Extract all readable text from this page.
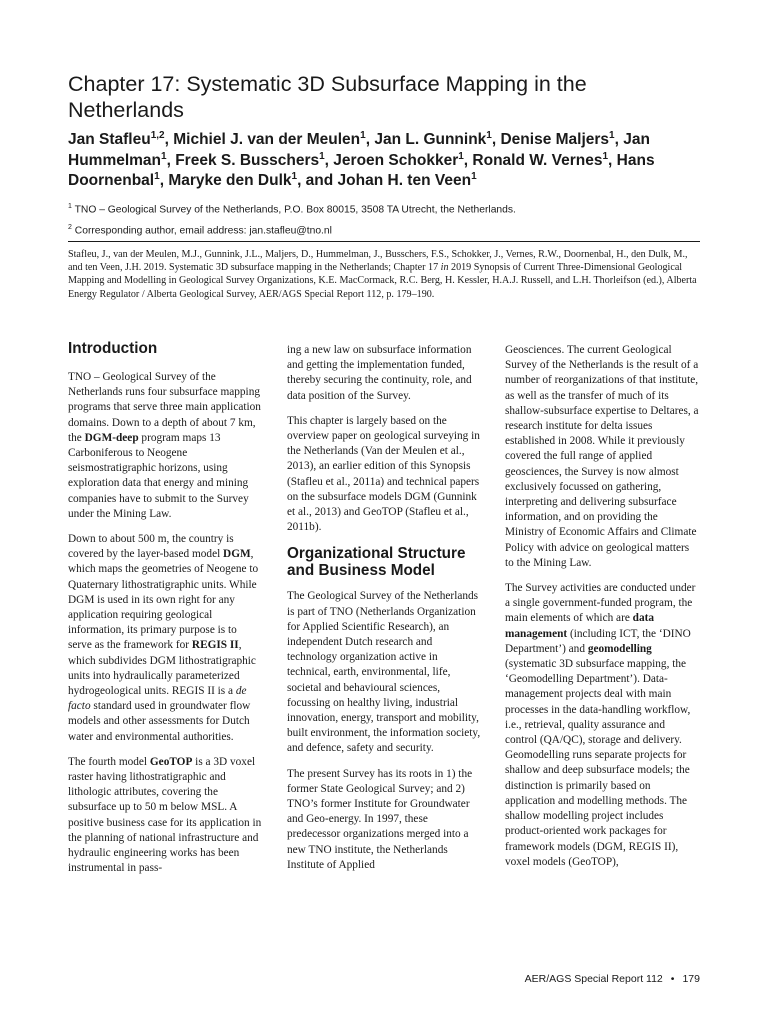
Chapter 17: Systematic 3D Subsurface Mapping in the Netherlands

Jan Stafleu$^{1,2}$, Michiel J. van der Meulen$^1$, Jan L. Gunnink$^1$, Denise Maljers$^1$, Jan Hummelman$^1$, Freek S. Busschers$^1$, Jeroen Schokker$^1$, Ronald W. Vernes$^1$, Hans Doornenbal$^1$, Maryke den Dulk$^1$, and Johan H. ten Veen$^1$

$^1$ TNO – Geological Survey of the Netherlands, P.O. Box 80015, 3508 TA Utrecht, the Netherlands.
$^2$ Corresponding author, email address: jan.stafleu@tno.nl

Stafleu, J., van der Meulen, M.J., Gunnink, J.L., Maljers, D., Hummelman, J., Busschers, F.S., Schokker, J., Vernes, R.W., Doornenbal, H., den Dulk, M., and ten Veen, J.H. 2019. Systematic 3D subsurface mapping in the Netherlands; Chapter 17 in 2019 Synopsis of Current Three-Dimensional Geological Mapping and Modelling in Geological Survey Organizations, K.E. MacCormack, R.C. Berg, H. Kessler, H.A.J. Russell, and L.H. Thorleifson (ed.), Alberta Energy Regulator / Alberta Geological Survey, AER/AGS Special Report 112, p. 179–190.

Introduction

TNO – Geological Survey of the Netherlands runs four subsurface mapping programs that serve three main application domains. Down to a depth of about 7 km, the DGM-deep program maps 13 Carboniferous to Neogene seismostratigraphic horizons, using exploration data that energy and mining companies have to submit to the Survey under the Mining Law.

Down to about 500 m, the country is covered by the layer-based model DGM, which maps the geometries of Neogene to Quaternary lithostratigraphic units. While DGM is used in its own right for any application requiring geological information, its primary purpose is to serve as the framework for REGIS II, which subdivides DGM lithostratigraphic units into hydraulically parameterized hydrogeological units. REGIS II is a de facto standard used in groundwater flow models and other assessments for Dutch water and environmental authorities.

The fourth model GeoTOP is a 3D voxel raster having lithostratigraphic and lithologic attributes, covering the subsurface up to 50 m below MSL. A positive business case for its application in the planning of national infrastructure and hydraulic engineering works has been instrumental in pass-

ing a new law on subsurface information and getting the implementation funded, thereby securing the continuity, role, and data position of the Survey.

This chapter is largely based on the overview paper on geological surveying in the Netherlands (Van der Meulen et al., 2013), an earlier edition of this Synopsis (Stafleu et al., 2011a) and technical papers on the subsurface models DGM (Gunnink et al., 2013) and GeoTOP (Stafleu et al., 2011b).

Organizational Structure and Business Model

The Geological Survey of the Netherlands is part of TNO (Netherlands Organization for Applied Scientific Research), an independent Dutch research and technology organization active in technical, earth, environmental, life, societal and behavioural sciences, focussing on healthy living, industrial innovation, energy, transport and mobility, built environment, the information society, and defence, safety and security.

The present Survey has its roots in 1) the former State Geological Survey; and 2) TNO’s former Institute for Groundwater and Geo-energy. In 1997, these predecessor organizations merged into a new TNO institute, the Netherlands Institute of Applied

Geosciences. The current Geological Survey of the Netherlands is the result of a number of reorganizations of that institute, as well as the transfer of much of its shallow-subsurface expertise to Deltares, a research institute for delta issues established in 2008. While it previously covered the full range of applied geosciences, the Survey is now almost exclusively focussed on gathering, interpreting and delivering subsurface information, and on providing the Ministry of Economic Affairs and Climate Policy with advice on geological matters to the Mining Law.

The Survey activities are conducted under a single government-funded program, the main elements of which are data management (including ICT, the ‘DINO Department’) and geomodelling (systematic 3D subsurface mapping, the ‘Geomodelling Department’). Data-management projects deal with main processes in the data-handling workflow, i.e., retrieval, quality assurance and control (QA/QC), storage and delivery. Geomodelling runs separate projects for shallow and deep subsurface models; the distinction is primarily based on application and modelling methods. The shallow modelling project includes product-oriented work packages for framework models (DGM, REGIS II), voxel models (GeoTOP),

AER/AGS Special Report 112 • 179
